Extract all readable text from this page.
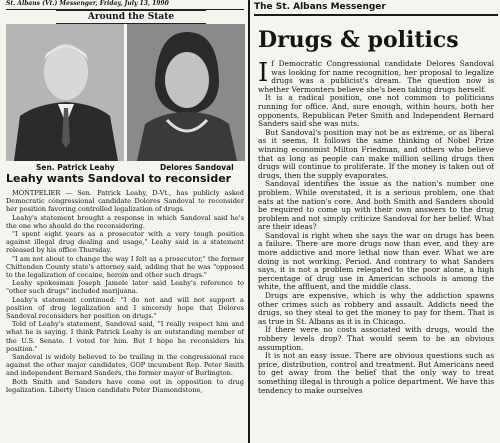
St. Albans (Vt.) Messenger, Friday, July 13, 1990
Around the State
Sen. Patrick Leahy	Delores Sandoval
Leahy wants Sandoval to reconsider

MONTPELIER — Sen. Patrick Leahy, D-Vt., has publicly asked Democratic congressional candidate Dolores Sandoval to reconsider her position favoring controlled legalization of drugs.

Leahy's statement brought a response in which Sandoval said he's the one who should do the reconsidering.

"I spent eight years as a prosecutor with a very tough position against illegal drug dealing and usage," Leahy said in a statement released by his office Thursday.

"I am not about to change the way I felt as a prosecutor," the former Chittenden County state's attorney said, adding that he was "opposed to the legalization of cocaine, heroin and other such drugs."

Leahy spokesman Joseph Jamele later said Leahy's reference to "other such drugs" included marijuana.

Leahy's statement continued: "I do not and will not support a position of drug legalization and I sincerely hope that Delores Sandoval reconsiders her position on drugs."

Told of Leahy's statement, Sandoval said, "I really respect him and what he is saying. I think Patrick Leahy is an outstanding member of the U.S. Senate. I voted for him. But I hope he reconsiders his position."

Sandoval is widely believed to be trailing in the congressional race against the other major candidates, GOP incumbent Rep. Peter Smith and independent Bernard Sanders, the former mayor of Burlington.

Both Smith and Sanders have come out in opposition to drug legalization. Liberty Union candidate Peter Diamondstone,

The St. Albans Messenger
Drugs & politics

If Democratic Congressional candidate Delores Sandoval was looking for name recognition, her proposal to legalize drugs was a publicist's dream. The question now is whether Vermonters believe she's been taking drugs herself.

It is a radical position, one not common to politicians running for office. And, sure enough, within hours, both her opponents, Republican Peter Smith and Independent Bernard Sanders said she was nuts.

But Sandoval's position may not be as extreme, or as liberal as it seems. It follows the same thinking of Nobel Prize winning economist Milton Friedman, and others who believe that as long as people can make million selling drugs then drugs will continue to proliferate. If the money is taken out of drugs, then the supply evaporates.

Sandoval identifies the issue as the nation's number one problem. While overstated, it is a serious problem, one that eats at the nation's core. And both Smith and Sanders should be required to come up with their own answers to the drug problem and not simply criticize Sandoval for her belief. What are their ideas?

Sandoval is right when she says the war on drugs has been a failure. There are more drugs now than ever, and they are more addictive and more lethal now than ever. What we are doing is not working. Period. And contrary to what Sanders says, it is not a problem relegated to the poor alone, a high percentage of drug use in American schools is among the white, the affluent, and the middle class.

Drugs are expensive, which is why the addiction spawns other crimes such as robbery and assault. Addicts need the drugs, so they steal to get the money to pay for them. That is as true in St. Albans as it is in Chicago.

If there were no costs associated with drugs, would the robbery levels drop? That would seem to be an obvious assumption.

It is not an easy issue. There are obvious questions such as price, distribution, control and treatment. But Americans need to get away from the belief that the only way to treat something illegal is through a police department. We have this tendency to make ourselves
